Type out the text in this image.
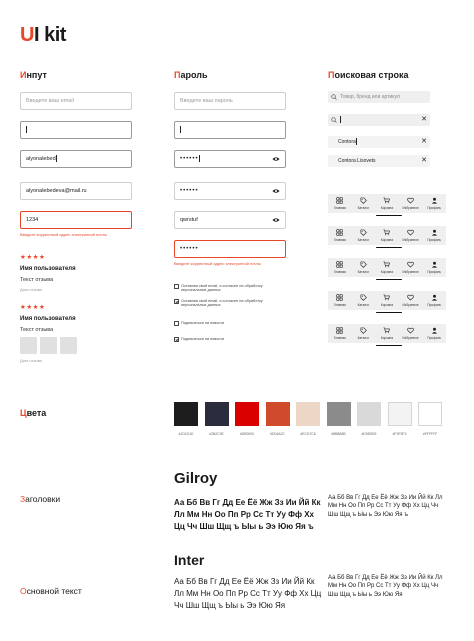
UI kit
Инпут	Пароль	Поисковая строка
Введите ваш email
alyonalebed
alyonalebedeva@mail.ru
1234
Введите корректный адрес электронной почты
★★★★
Имя пользователя
Текст отзыва
Дата отзыва
★★★★
Имя пользователя
Текст отзыва
Дата отзыва
Введите ваш пароль
••••••
••••••
qwrstuf
••••••
Введите корректный адрес электронной почты
Оставляя свой email, я согласен на обработку персональных данных
Оставляя свой email, я согласен на обработку персональных данных
Подписаться на новости
Подписаться на новости
Товар, бренд или артикул
✕
Contora	✕
Contora Lisovets	✕
Главная	Каталог	Корзина	Избранное	Профиль
Главная	Каталог	Корзина	Избранное	Профиль
Главная	Каталог	Корзина	Избранное	Профиль
Главная	Каталог	Корзина	Избранное	Профиль
Главная	Каталог	Корзина	Избранное	Профиль
Цвета
#1D1D1D	#2B2C3E	#DB0000	#D04A2C	#ECD7C6	#8B8B8B	#D9D9D9	#F3F3F3	#FFFFFF
Gilroy
Заголовки	Аа Бб Вв Гг Дд Ее Ёё Жж Зз Ии Йй Кк Лл Мм Нн Оо Пп Рр Сс Тт Уу Фф Хх Цц Чч Шш Щщ ъ Ыы ь Ээ Юю Яя ъ
Аа Бб Вв Гг Дд Ее Ёё Жж Зз Ии Йй Кк Лл Мм Нн Оо Пп Рр Сс Тт Уу Фф Хх Цц Чч Шш Щщ ъ Ыы ь Ээ Юю Яя ъ
Inter
Основной текст
Аа Бб Вв Гг Дд Ее Ёё Жж Зз Ии Йй Кк Лл Мм Нн Оо Пп Рр Сс Тт Уу Фф Хх Цц Чч Шш Щщ ъ Ыы ь Ээ Юю Яя
Аа Бб Вв Гг Дд Ее Ёё Жж Зз Ии Йй Кк Лл Мм Нн Оо Пп Рр Сс Тт Уу Фф Хх Цц Чч Шш Щщ ъ Ыы ь Ээ Юю Яя
